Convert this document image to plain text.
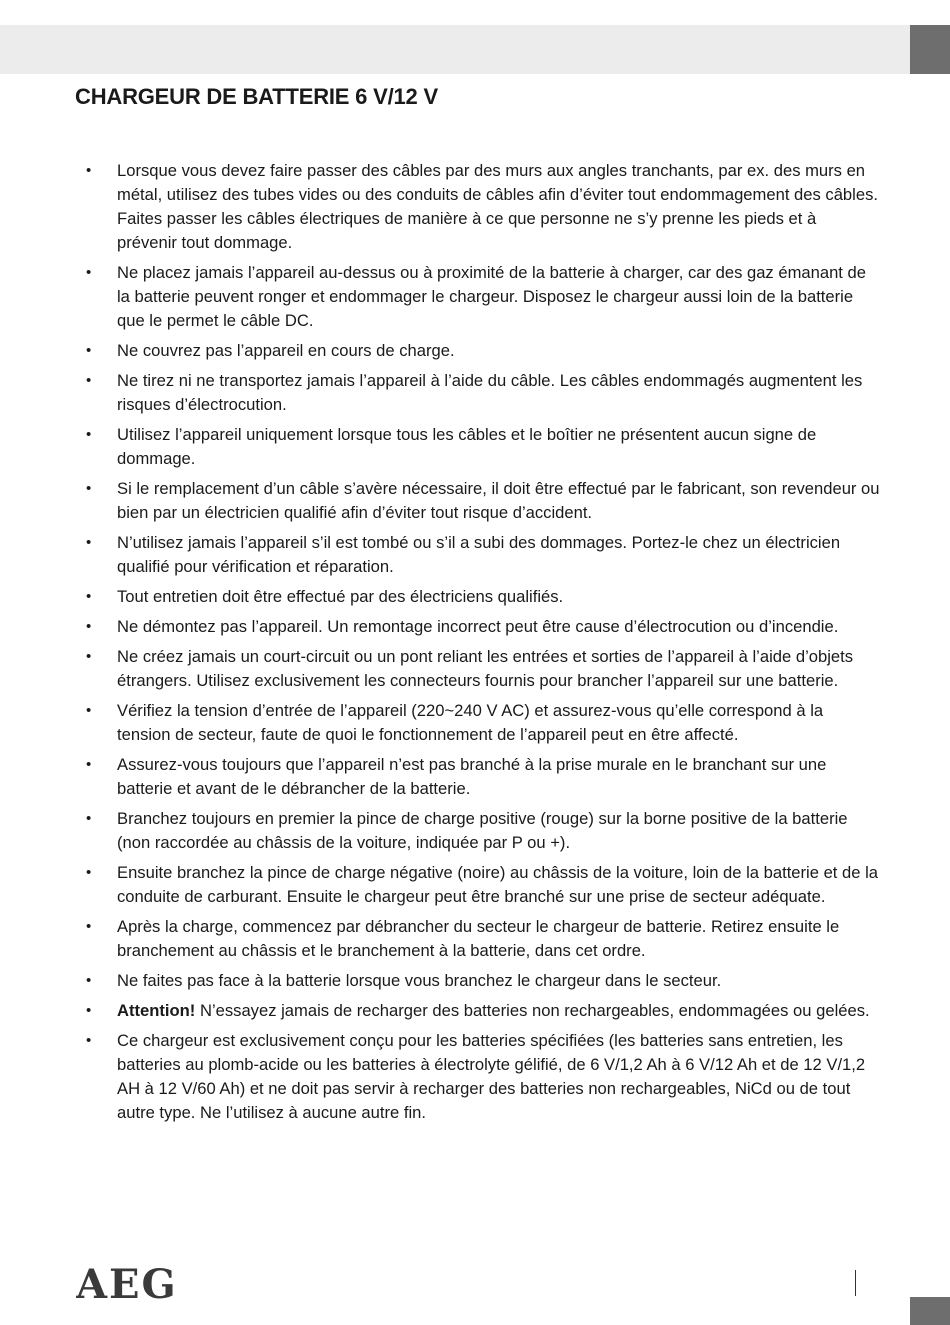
CHARGEUR DE BATTERIE 6 V/12 V
• Lorsque vous devez faire passer des câbles par des murs aux angles tranchants, par ex. des murs en métal, utilisez des tubes vides ou des conduits de câbles afin d’éviter tout endommagement des câbles. Faites passer les câbles électriques de manière à ce que personne ne s’y prenne les pieds et à prévenir tout dommage.
• Ne placez jamais l’appareil au-dessus ou à proximité de la batterie à charger, car des gaz émanant de la batterie peuvent ronger et endommager le chargeur. Disposez le chargeur aussi loin de la batterie que le permet le câble DC.
• Ne couvrez pas l’appareil en cours de charge.
• Ne tirez ni ne transportez jamais l’appareil à l’aide du câble. Les câbles endommagés augmentent les risques d’électrocution.
• Utilisez l’appareil uniquement lorsque tous les câbles et le boîtier ne présentent aucun signe de dommage.
• Si le remplacement d’un câble s’avère nécessaire, il doit être effectué par le fabricant, son revendeur ou bien par un électricien qualifié afin d’éviter tout risque d’accident.
• N’utilisez jamais l’appareil s’il est tombé ou s’il a subi des dommages. Portez-le chez un électricien qualifié pour vérification et réparation.
• Tout entretien doit être effectué par des électriciens qualifiés.
• Ne démontez pas l’appareil. Un remontage incorrect peut être cause d’électrocution ou d’incendie.
• Ne créez jamais un court-circuit ou un pont reliant les entrées et sorties de l’appareil à l’aide d’objets étrangers. Utilisez exclusivement les connecteurs fournis pour brancher l’appareil sur une batterie.
• Vérifiez la tension d’entrée de l’appareil (220~240 V AC) et assurez-vous qu’elle correspond à la tension de secteur, faute de quoi le fonctionnement de l’appareil peut en être affecté.
• Assurez-vous toujours que l’appareil n’est pas branché à la prise murale en le branchant sur une batterie et avant de le débrancher de la batterie.
• Branchez toujours en premier la pince de charge positive (rouge) sur la borne positive de la batterie (non raccordée au châssis de la voiture, indiquée par P ou +).
• Ensuite branchez la pince de charge négative (noire) au châssis de la voiture, loin de la batterie et de la conduite de carburant. Ensuite le chargeur peut être branché sur une prise de secteur adéquate.
• Après la charge, commencez par débrancher du secteur le chargeur de batterie. Retirez ensuite le branchement au châssis et le branchement à la batterie, dans cet ordre.
• Ne faites pas face à la batterie lorsque vous branchez le chargeur dans le secteur.
• Attention! N’essayez jamais de recharger des batteries non rechargeables, endommagées ou gelées.
• Ce chargeur est exclusivement conçu pour les batteries spécifiées (les batteries sans entretien, les batteries au plomb-acide ou les batteries à électrolyte gélifié, de 6 V/1,2 Ah à 6 V/12 Ah et de 12 V/1,2 AH à 12 V/60 Ah) et ne doit pas servir à recharger des batteries non rechargeables, NiCd ou de tout autre type. Ne l’utilisez à aucune autre fin.
AEG
